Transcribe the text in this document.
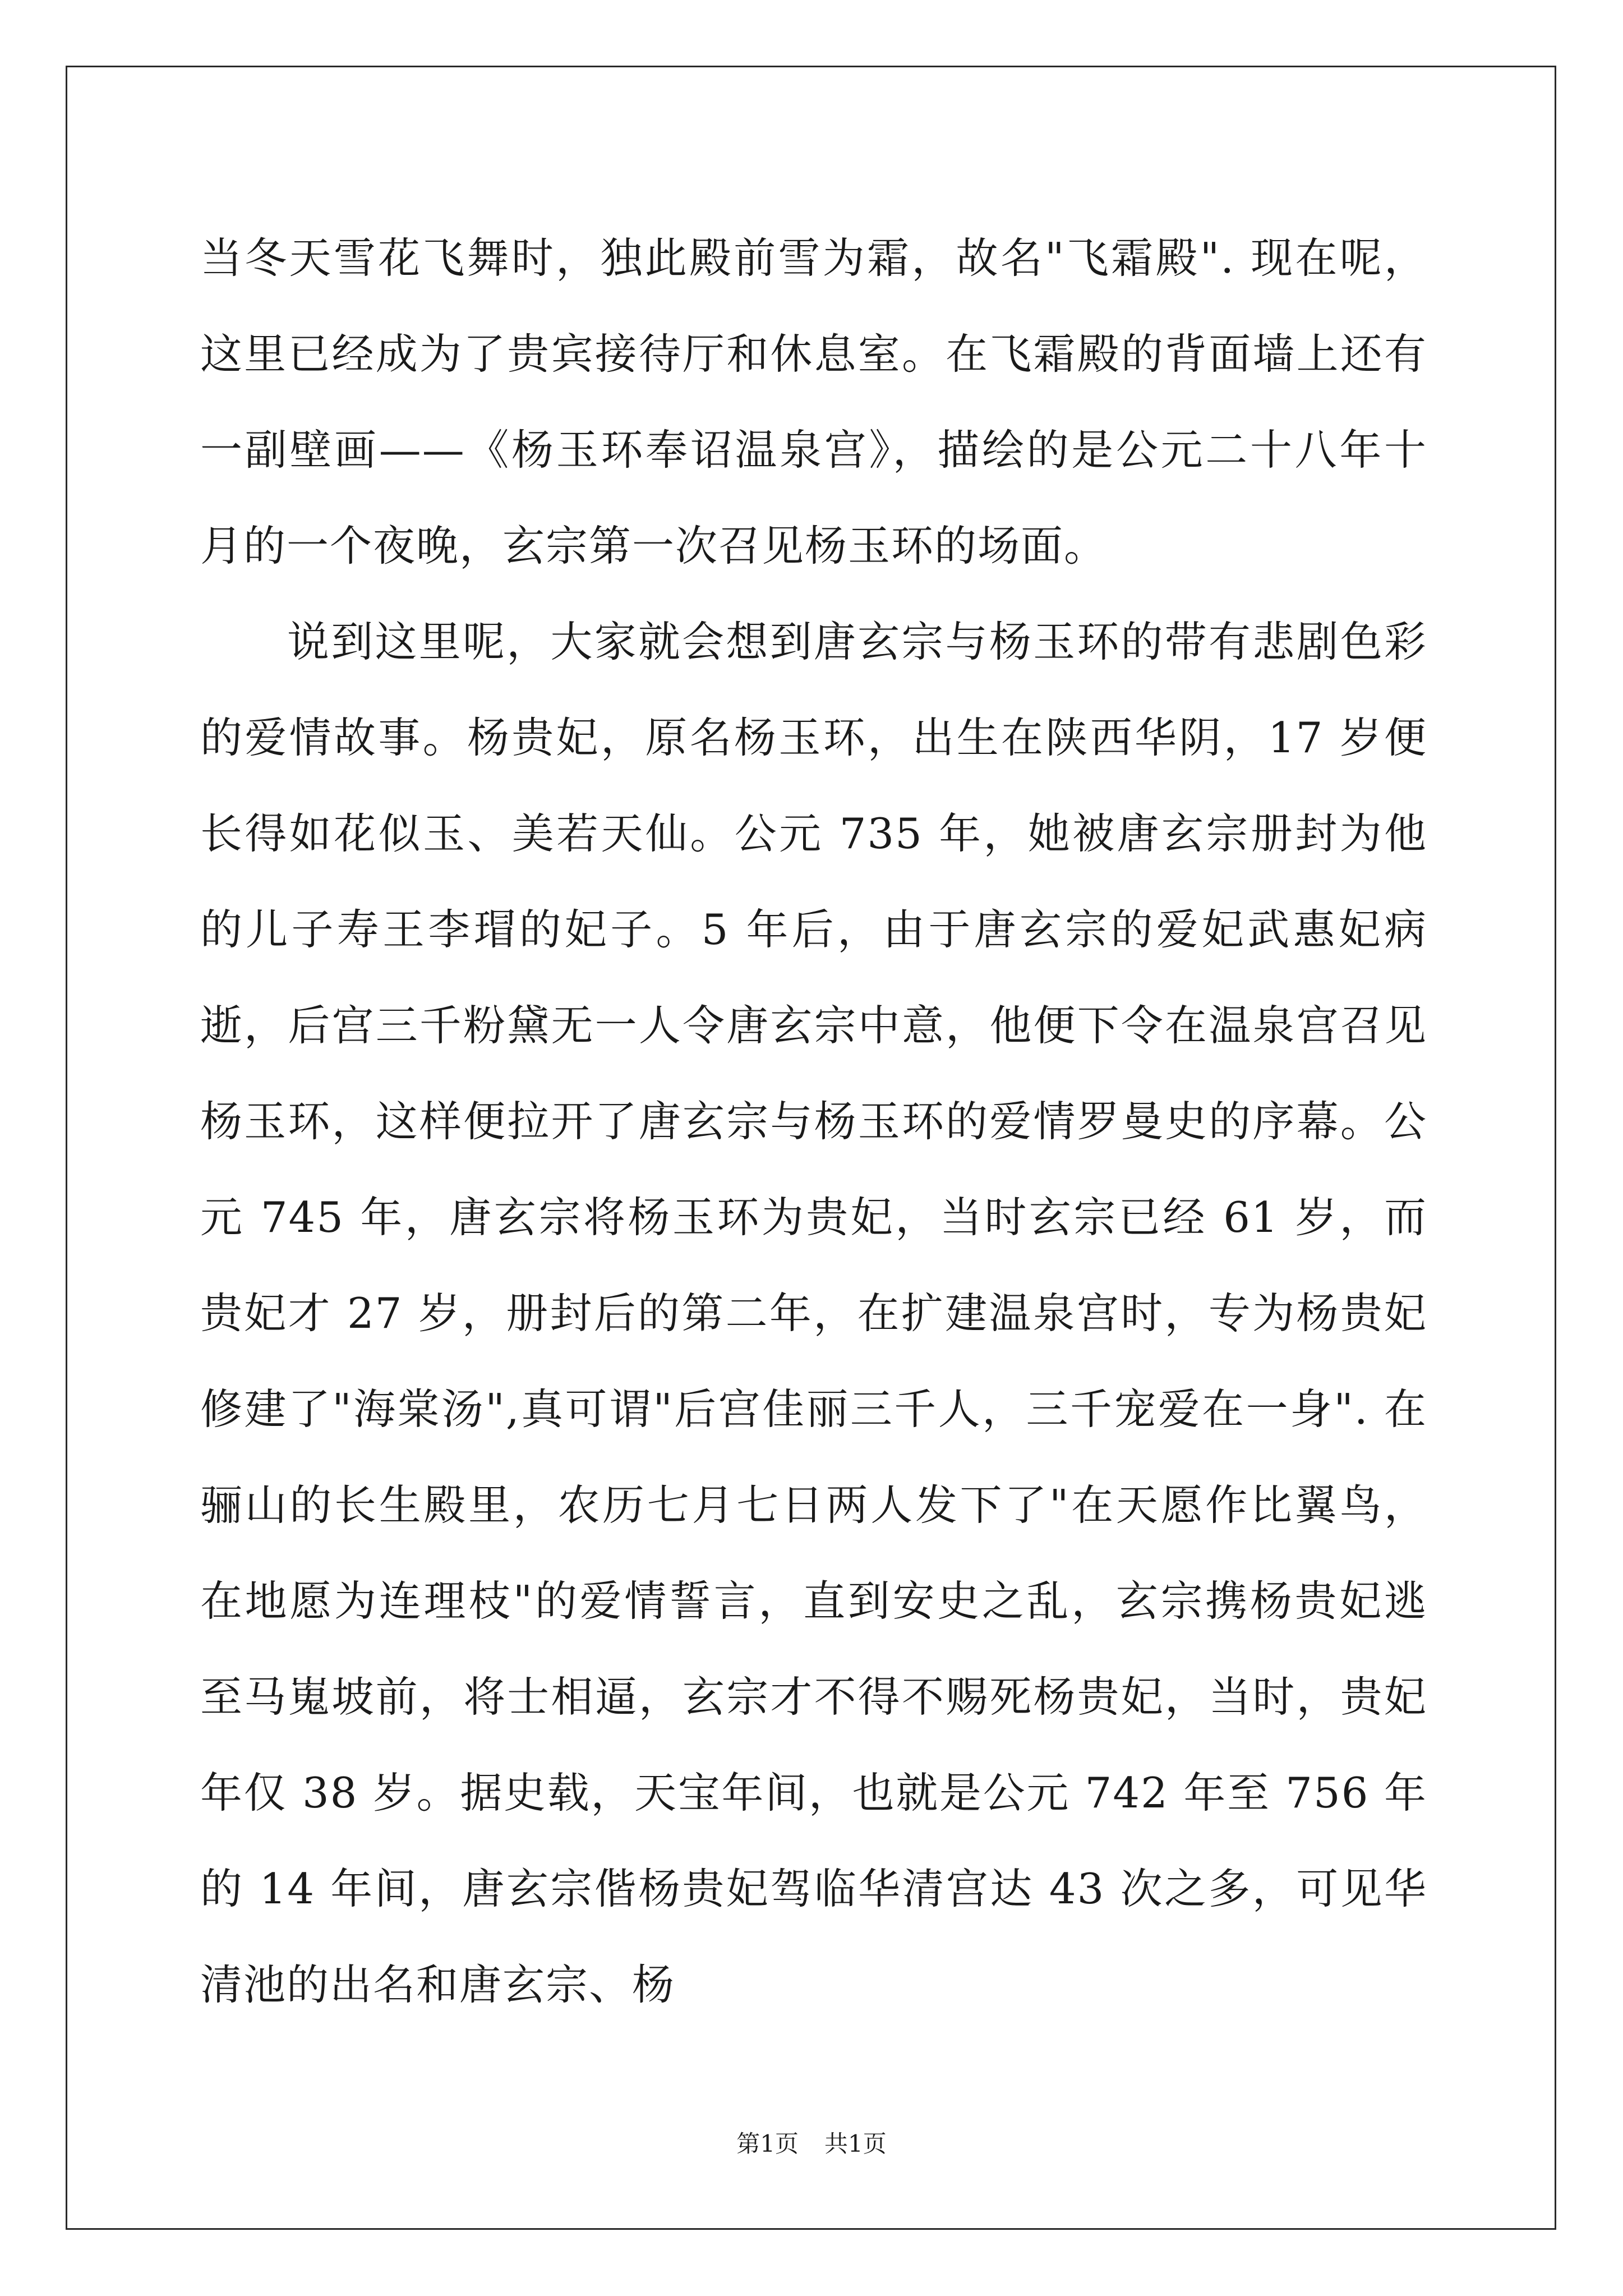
当冬天雪花飞舞时，独此殿前雪为霜，故名"飞霜殿". 现在呢，这里已经成为了贵宾接待厅和休息室。在飞霜殿的背面墙上还有一副壁画——《杨玉环奉诏温泉宫》，描绘的是公元二十八年十月的一个夜晚，玄宗第一次召见杨玉环的场面。

说到这里呢，大家就会想到唐玄宗与杨玉环的带有悲剧色彩的爱情故事。杨贵妃，原名杨玉环，出生在陕西华阴，17 岁便长得如花似玉、美若天仙。公元 735 年，她被唐玄宗册封为他的儿子寿王李瑁的妃子。5 年后，由于唐玄宗的爱妃武惠妃病逝，后宫三千粉黛无一人令唐玄宗中意，他便下令在温泉宫召见杨玉环，这样便拉开了唐玄宗与杨玉环的爱情罗曼史的序幕。公元 745 年，唐玄宗将杨玉环为贵妃，当时玄宗已经 61 岁，而贵妃才 27 岁，册封后的第二年，在扩建温泉宫时，专为杨贵妃修建了"海棠汤",真可谓"后宫佳丽三千人，三千宠爱在一身". 在骊山的长生殿里，农历七月七日两人发下了"在天愿作比翼鸟，在地愿为连理枝"的爱情誓言，直到安史之乱，玄宗携杨贵妃逃至马嵬坡前，将士相逼，玄宗才不得不赐死杨贵妃，当时，贵妃年仅 38 岁。据史载，天宝年间，也就是公元 742 年至 756 年的 14 年间，唐玄宗偕杨贵妃驾临华清宫达 43 次之多，可见华清池的出名和唐玄宗、杨

第1页 共1页
